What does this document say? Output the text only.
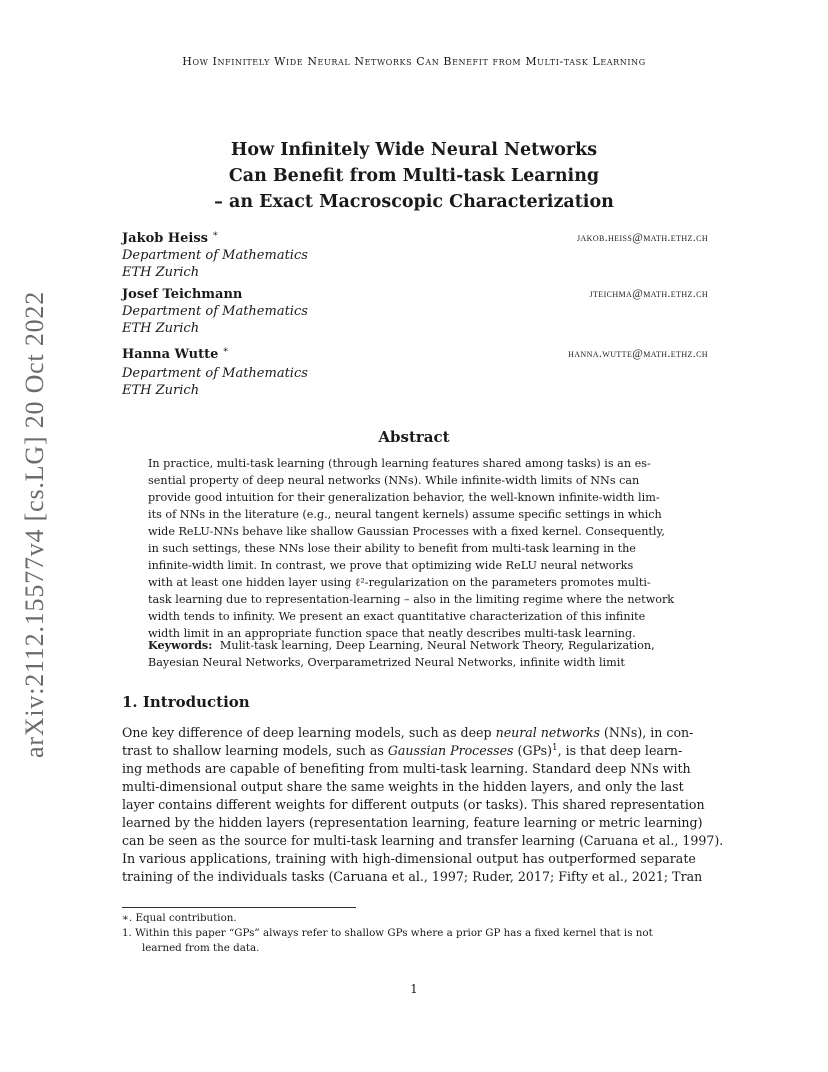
How Infinitely Wide Neural Networks Can Benefit from Multi-task Learning
arXiv:2112.15577v4 [cs.LG] 20 Oct 2022
How Infinitely Wide Neural Networks
Can Benefit from Multi-task Learning
– an Exact Macroscopic Characterization
Jakob Heiss ∗
Department of Mathematics
ETH Zurich
jakob.heiss@math.ethz.ch
Josef Teichmann
Department of Mathematics
ETH Zurich
jteichma@math.ethz.ch
Hanna Wutte ∗
Department of Mathematics
ETH Zurich
hanna.wutte@math.ethz.ch
Abstract
In practice, multi-task learning (through learning features shared among tasks) is an es-
sential property of deep neural networks (NNs). While infinite-width limits of NNs can
provide good intuition for their generalization behavior, the well-known infinite-width lim-
its of NNs in the literature (e.g., neural tangent kernels) assume specific settings in which
wide ReLU-NNs behave like shallow Gaussian Processes with a fixed kernel. Consequently,
in such settings, these NNs lose their ability to benefit from multi-task learning in the
infinite-width limit. In contrast, we prove that optimizing wide ReLU neural networks
with at least one hidden layer using ℓ²-regularization on the parameters promotes multi-
task learning due to representation-learning – also in the limiting regime where the network
width tends to infinity. We present an exact quantitative characterization of this infinite
width limit in an appropriate function space that neatly describes multi-task learning.
Keywords: Mulit-task learning, Deep Learning, Neural Network Theory, Regularization, Bayesian Neural Networks, Overparametrized Neural Networks, infinite width limit
1. Introduction
One key difference of deep learning models, such as deep neural networks (NNs), in con-
trast to shallow learning models, such as Gaussian Processes (GPs)$^1$, is that deep learn-
ing methods are capable of benefiting from multi-task learning. Standard deep NNs with
multi-dimensional output share the same weights in the hidden layers, and only the last
layer contains different weights for different outputs (or tasks). This shared representation
learned by the hidden layers (representation learning, feature learning or metric learning)
can be seen as the source for multi-task learning and transfer learning (Caruana et al., 1997).
In various applications, training with high-dimensional output has outperformed separate
training of the individuals tasks (Caruana et al., 1997; Ruder, 2017; Fifty et al., 2021; Tran
∗. Equal contribution.
1. Within this paper “GPs” always refer to shallow GPs where a prior GP has a fixed kernel that is not
learned from the data.
1
